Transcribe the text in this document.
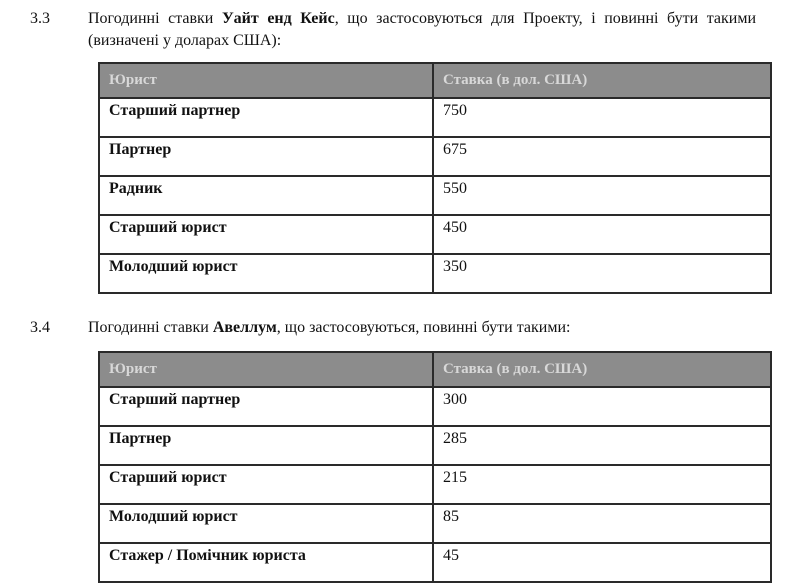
3.3 Погодинні ставки Уайт енд Кейс, що застосовуються для Проекту, і повинні бути такими (визначені у доларах США):
Юрист	Ставка (в дол. США)
Старший партнер	750
Партнер	675
Радник	550
Старший юрист	450
Молодший юрист	350
3.4 Погодинні ставки Авеллум, що застосовуються, повинні бути такими:
Юрист	Ставка (в дол. США)
Старший партнер	300
Партнер	285
Старший юрист	215
Молодший юрист	85
Стажер / Помічник юриста	45
